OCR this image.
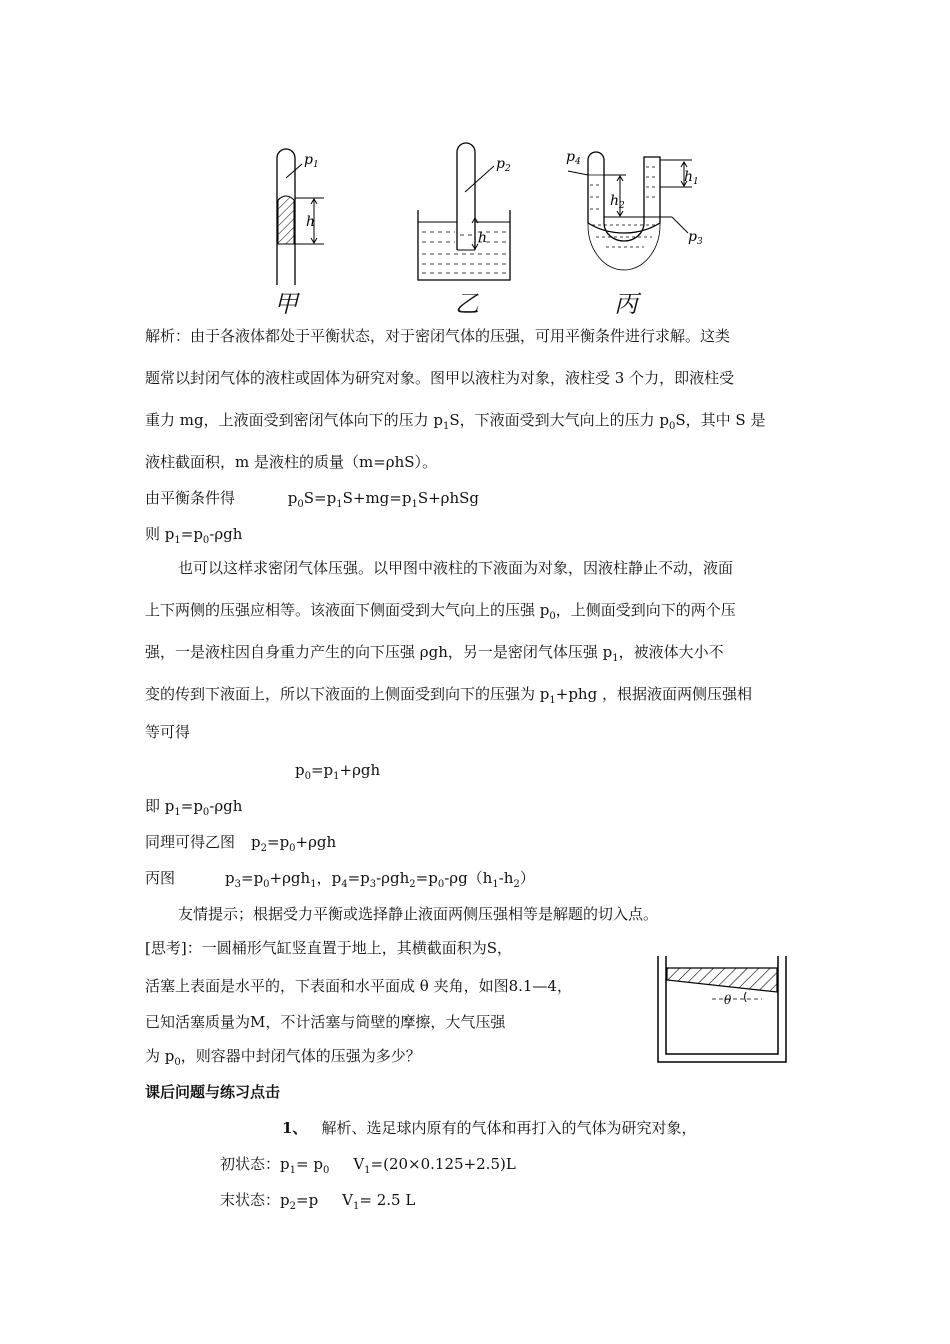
$p_1$
h
甲
$p_2$
h
乙
$p_4$
$p_3$
$h_1$
$h_2$
丙
解析：由于各液体都处于平衡状态，对于密闭气体的压强，可用平衡条件进行求解。这类
题常以封闭气体的液柱或固体为研究对象。图甲以液柱为对象，液柱受 3 个力，即液柱受
重力 mg，上液面受到密闭气体向下的压力 $p_1S$，下液面受到大气向上的压力 $p_0S$，其中 S 是
液柱截面积，m 是液柱的质量（m=ρhS）。
由平衡条件得	$p_0S=p_1S+mg=p_1S+\rho hSg$
则 $p_1=p_0$-ρgh
也可以这样求密闭气体压强。以甲图中液柱的下液面为对象，因液柱静止不动，液面
上下两侧的压强应相等。该液面下侧面受到大气向上的压强 $p_0$，上侧面受到向下的两个压
强，一是液柱因自身重力产生的向下压强 ρgh，另一是密闭气体压强 $p_1$，被液体大小不
变的传到下液面上，所以下液面的上侧面受到向下的压强为 $p_1+phg$ ，根据液面两侧压强相
等可得
$p_0=p_1+\rho gh$
即 $p_1=p_0$-ρgh
同理可得乙图 $p_2=p_0+\rho gh$
丙图	$p_3=p_0+\rho gh_1$，$p_4=p_3-\rho gh_2=p_0-\rho g(h_1-h_2)$
友情提示；根据受力平衡或选择静止液面两侧压强相等是解题的切入点。
[思考]：一圆桶形气缸竖直置于地上，其横截面积为S，
活塞上表面是水平的，下表面和水平面成 θ 夹角，如图8.1—4，
已知活塞质量为M，不计活塞与筒壁的摩擦，大气压强
为 $p_0$，则容器中封闭气体的压强为多少？
θ
课后问题与练习点击
1、 解析、选足球内原有的气体和再打入的气体为研究对象，
初状态：$p_1= p_0$ $V_1=(20\times 0.125+2.5)L$
末状态：$p_2=p$ $V_1= 2.5$ L
